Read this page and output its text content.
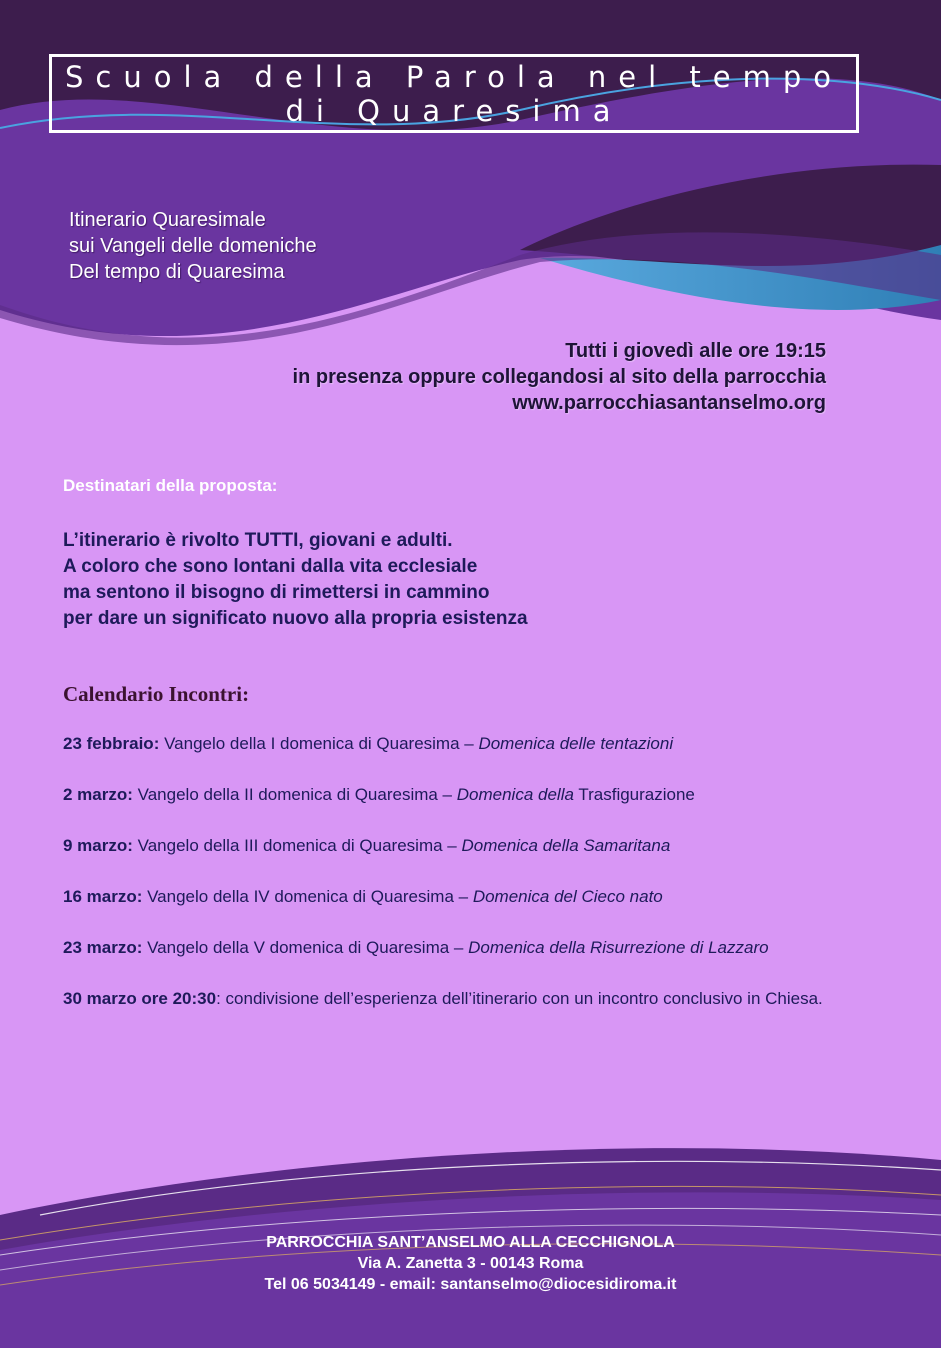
Scuola della Parola nel tempo di Quaresima
Itinerario Quaresimale
sui Vangeli delle domeniche
Del tempo di Quaresima
Tutti i giovedì alle ore 19:15
in presenza oppure collegandosi al sito della parrocchia
www.parrocchiasantanselmo.org
Destinatari della proposta:
L’itinerario è rivolto TUTTI, giovani e adulti.
A coloro che sono lontani dalla vita ecclesiale
ma sentono il bisogno di rimettersi in cammino
per dare un significato nuovo alla propria esistenza
Calendario Incontri:
23 febbraio: Vangelo della I domenica di Quaresima – Domenica delle tentazioni
2 marzo: Vangelo della II domenica di Quaresima – Domenica della Trasfigurazione
9 marzo: Vangelo della III domenica di Quaresima – Domenica della Samaritana
16 marzo: Vangelo della IV domenica di Quaresima – Domenica del Cieco nato
23 marzo: Vangelo della V domenica di Quaresima – Domenica della Risurrezione di Lazzaro
30 marzo ore 20:30: condivisione dell’esperienza dell’itinerario con un incontro conclusivo in Chiesa.
PARROCCHIA SANT’ANSELMO ALLA CECCHIGNOLA
Via A. Zanetta 3 - 00143 Roma
Tel 06 5034149 - email: santanselmo@diocesidiroma.it
